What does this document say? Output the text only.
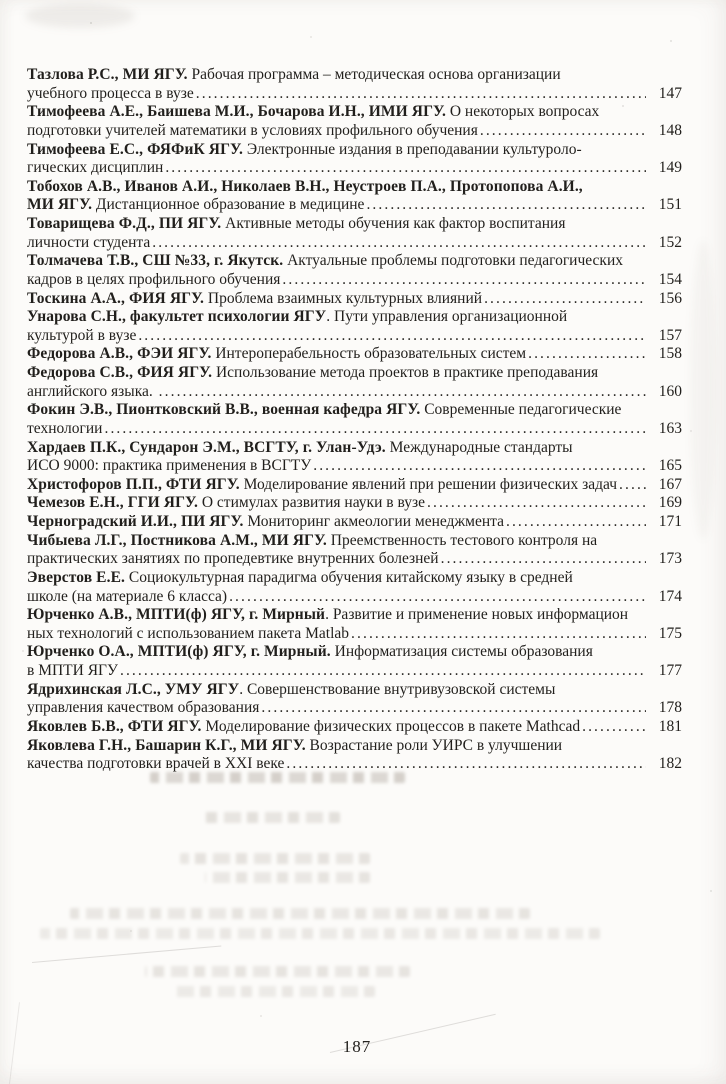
Тазлова Р.С., МИ ЯГУ. Рабочая программа – методическая основа организации
учебного процесса в вузе .....	147
Тимофеева А.Е., Баишева М.И., Бочарова И.Н., ИМИ ЯГУ. О некоторых вопросах
подготовки учителей математики в условиях профильного обучения .....	148
Тимофеева Е.С., ФЯФиК ЯГУ. Электронные издания в преподавании культуроло-
гических дисциплин .....	149
Тобохов А.В., Иванов А.И., Николаев В.Н., Неустроев П.А., Протопопова А.И.,
МИ ЯГУ. Дистанционное образование в медицине .....	151
Товарищева Ф.Д., ПИ ЯГУ. Активные методы обучения как фактор воспитания
личности студента .....	152
Толмачева Т.В., СШ №33, г. Якутск. Актуальные проблемы подготовки педагогических
кадров в целях профильного обучения .....	154
Тоскина А.А., ФИЯ ЯГУ. Проблема взаимных культурных влияний .....	156
Унарова С.Н., факультет психологии ЯГУ . Пути управления организационной
культурой в вузе .....	157
Федорова А.В., ФЭИ ЯГУ. Интероперабельность образовательных систем .....	158
Федорова С.В., ФИЯ ЯГУ. Использование метода проектов в практике преподавания
английского языка. .....	160
Фокин Э.В., Пионтковский В.В., военная кафедра ЯГУ. Современные педагогические
технологии .....	163
Хардаев П.К., Сундарон Э.М., ВСГТУ, г. Улан-Удэ. Международные стандарты
ИСО 9000: практика применения в ВСГТУ .....	165
Христофоров П.П., ФТИ ЯГУ. Моделирование явлений при решении физических задач .....	167
Чемезов Е.Н., ГГИ ЯГУ. О стимулах развития науки в вузе .....	169
Черноградский И.И., ПИ ЯГУ. Мониторинг акмеологии менеджмента .....	171
Чибыева Л.Г., Постникова А.М., МИ ЯГУ. Преемственность тестового контроля на
практических занятиях по пропедевтике внутренних болезней .....	173
Эверстов Е.Е. Социокультурная парадигма обучения китайскому языку в средней
школе (на материале 6 класса) .....	174
Юрченко А.В., МПТИ(ф) ЯГУ, г. Мирный . Развитие и применение новых информацион
ных технологий с использованием пакета Matlab .....	175
Юрченко О.А., МПТИ(ф) ЯГУ, г. Мирный. Информатизация системы образования
в МПТИ ЯГУ .....	177
Ядрихинская Л.С., УМУ ЯГУ . Совершенствование внутривузовской системы
управления качеством образования .....	178
Яковлев Б.В., ФТИ ЯГУ. Моделирование физических процессов в пакете Mathcad .....	181
Яковлева Г.Н., Башарин К.Г., МИ ЯГУ. Возрастание роли УИРС в улучшении
качества подготовки врачей в XXI веке .....	182
187
